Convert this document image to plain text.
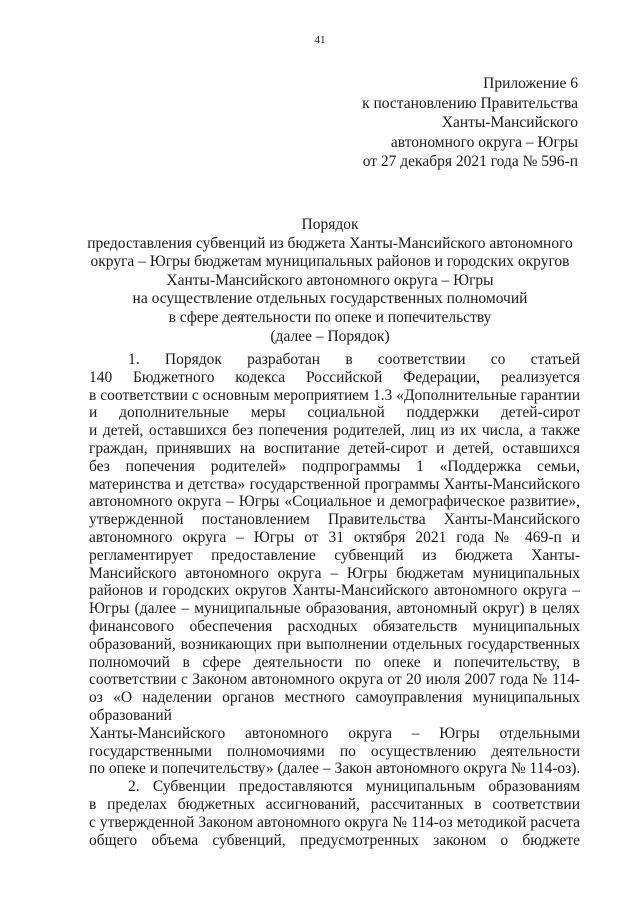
41
Приложение 6
к постановлению Правительства
Ханты-Мансийского
автономного округа – Югры
от 27 декабря 2021 года № 596-п
Порядок
предоставления субвенций из бюджета Ханты-Мансийского автономного
округа – Югры бюджетам муниципальных районов и городских округов
Ханты-Мансийского автономного округа – Югры
на осуществление отдельных государственных полномочий
в сфере деятельности по опеке и попечительству
(далее – Порядок)
1. Порядок разработан в соответствии со статьей
140 Бюджетного кодекса Российской Федерации, реализуется
в соответствии с основным мероприятием 1.3 «Дополнительные гарантии
и дополнительные меры социальной поддержки детей-сирот
и детей, оставшихся без попечения родителей, лиц из их числа, а также
граждан, принявших на воспитание детей-сирот и детей, оставшихся
без попечения родителей» подпрограммы 1 «Поддержка семьи,
материнства и детства» государственной программы Ханты-Мансийского
автономного округа – Югры «Социальное и демографическое развитие»,
утвержденной постановлением Правительства Ханты-Мансийского
автономного округа – Югры от 31 октября 2021 года № 469-п и
регламентирует предоставление субвенций из бюджета Ханты-
Мансийского автономного округа – Югры бюджетам муниципальных
районов и городских округов Ханты-Мансийского автономного округа –
Югры (далее – муниципальные образования, автономный округ) в целях
финансового обеспечения расходных обязательств муниципальных
образований, возникающих при выполнении отдельных государственных
полномочий в сфере деятельности по опеке и попечительству, в
соответствии с Законом автономного округа от 20 июля 2007 года № 114-
оз «О наделении органов местного самоуправления муниципальных
образований
Ханты-Мансийского автономного округа – Югры отдельными
государственными полномочиями по осуществлению деятельности
по опеке и попечительству» (далее – Закон автономного округа № 114-оз).
2. Субвенции предоставляются муниципальным образованиям
в пределах бюджетных ассигнований, рассчитанных в соответствии
с утвержденной Законом автономного округа № 114-оз методикой расчета
общего объема субвенций, предусмотренных законом о бюджете
